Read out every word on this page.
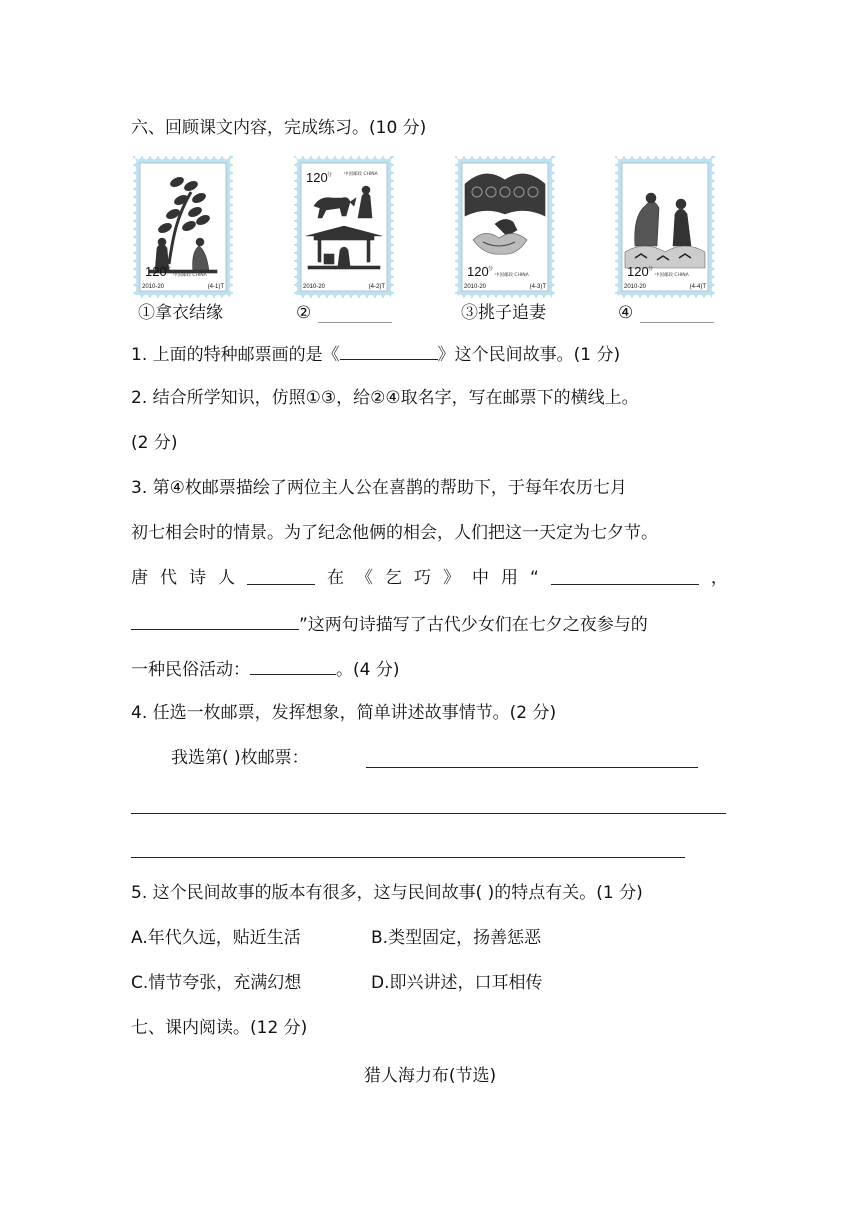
六、回顾课文内容，完成练习。(10 分)
120 分
中国邮政 CHINA
2010-20	(4-1)T
120 分	中国邮政 CHINA
2010-20	(4-2)T
120 分
中国邮政 CHINA
2010-20	(4-3)T
120 分
中国邮政 CHINA
2010-20	(4-4)T
①拿衣结缘	②	③挑子追妻	④
1. 上面的特种邮票画的是《	》这个民间故事。(1 分)
2. 结合所学知识，仿照①③，给②④取名字，写在邮票下的横线上。
(2 分)
3. 第④枚邮票描绘了两位主人公在喜鹊的帮助下，于每年农历七月
初七相会时的情景。为了纪念他俩的相会，人们把这一天定为七夕节。
唐 代 诗 人	在 《 乞 巧 》 中 用 “	，
”这两句诗描写了古代少女们在七夕之夜参与的
一种民俗活动：	。(4 分)
4. 任选一枚邮票，发挥想象，简单讲述故事情节。(2 分)
我选第( )枚邮票：
5. 这个民间故事的版本有很多，这与民间故事( )的特点有关。(1 分)
A.年代久远，贴近生活	B.类型固定，扬善惩恶
C.情节夸张，充满幻想	D.即兴讲述，口耳相传
七、课内阅读。(12 分)
猎人海力布(节选)
